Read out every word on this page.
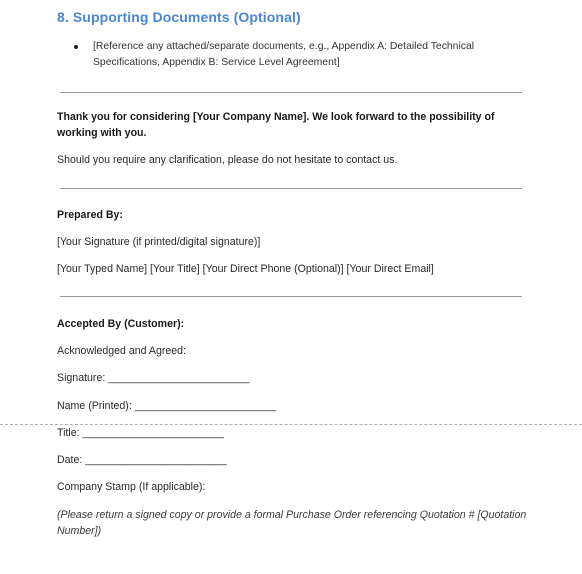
8. Supporting Documents (Optional)
[Reference any attached/separate documents, e.g., Appendix A: Detailed Technical Specifications, Appendix B: Service Level Agreement]

Thank you for considering [Your Company Name]. We look forward to the possibility of working with you.

Should you require any clarification, please do not hesitate to contact us.

Prepared By:

[Your Signature (if printed/digital signature)]

[Your Typed Name] [Your Title] [Your Direct Phone (Optional)] [Your Direct Email]

Accepted By (Customer):

Acknowledged and Agreed:

Signature: ________________________

Name (Printed): ________________________

Title: ________________________

Date: ________________________

Company Stamp (If applicable):

(Please return a signed copy or provide a formal Purchase Order referencing Quotation # [Quotation Number])
